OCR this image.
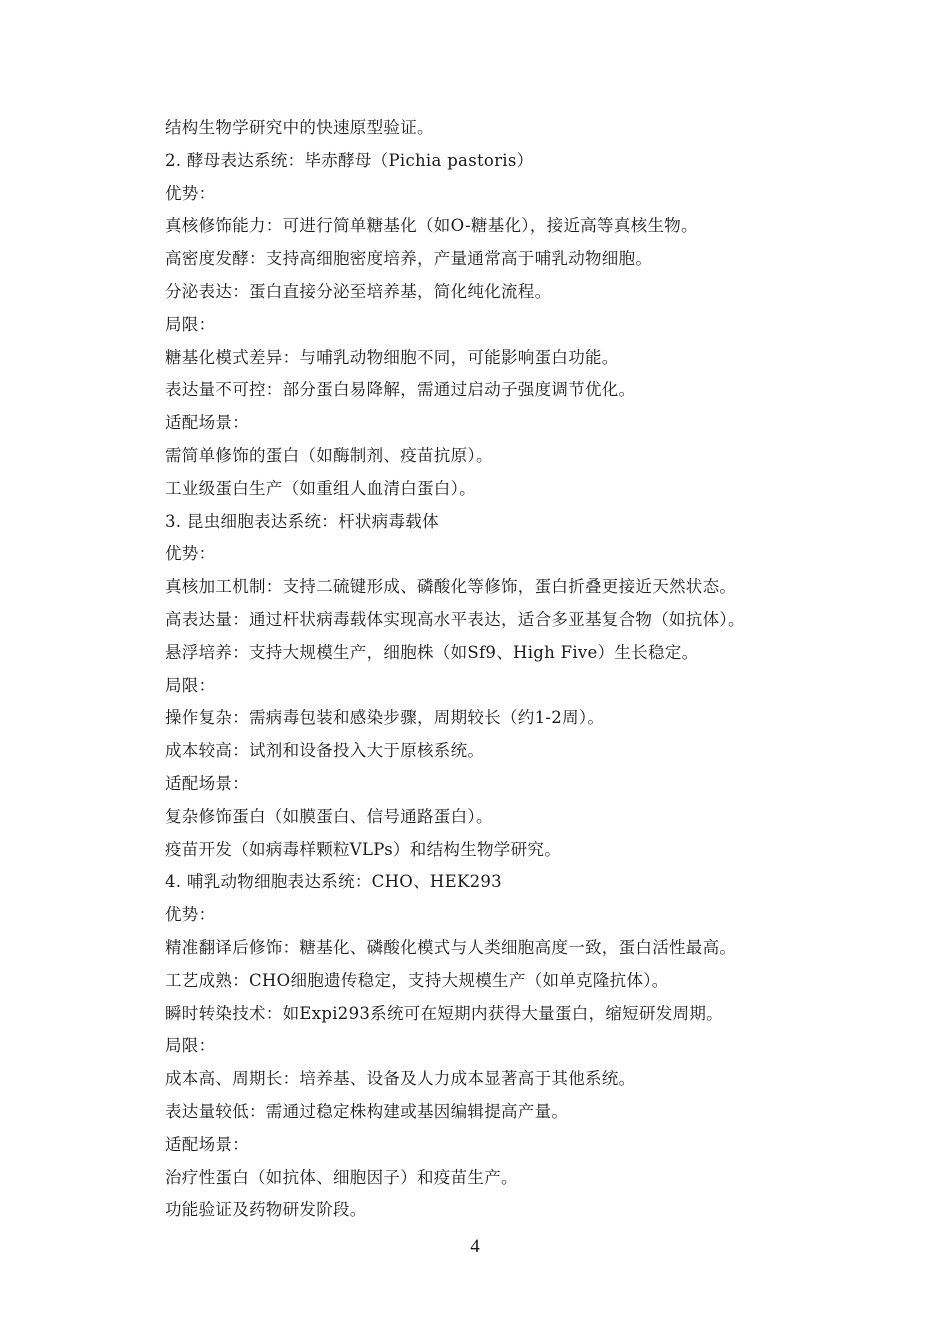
结构生物学研究中的快速原型验证。
2. 酵母表达系统：毕赤酵母（Pichia pastoris）
优势：
真核修饰能力：可进行简单糖基化（如O-糖基化），接近高等真核生物。
高密度发酵：支持高细胞密度培养，产量通常高于哺乳动物细胞。
分泌表达：蛋白直接分泌至培养基，简化纯化流程。
局限：
糖基化模式差异：与哺乳动物细胞不同，可能影响蛋白功能。
表达量不可控：部分蛋白易降解，需通过启动子强度调节优化。
适配场景：
需简单修饰的蛋白（如酶制剂、疫苗抗原）。
工业级蛋白生产（如重组人血清白蛋白）。
3. 昆虫细胞表达系统：杆状病毒载体
优势：
真核加工机制：支持二硫键形成、磷酸化等修饰，蛋白折叠更接近天然状态。
高表达量：通过杆状病毒载体实现高水平表达，适合多亚基复合物（如抗体）。
悬浮培养：支持大规模生产，细胞株（如Sf9、High Five）生长稳定。
局限：
操作复杂：需病毒包装和感染步骤，周期较长（约1-2周）。
成本较高：试剂和设备投入大于原核系统。
适配场景：
复杂修饰蛋白（如膜蛋白、信号通路蛋白）。
疫苗开发（如病毒样颗粒VLPs）和结构生物学研究。
4. 哺乳动物细胞表达系统：CHO、HEK293
优势：
精准翻译后修饰：糖基化、磷酸化模式与人类细胞高度一致，蛋白活性最高。
工艺成熟：CHO细胞遗传稳定，支持大规模生产（如单克隆抗体）。
瞬时转染技术：如Expi293系统可在短期内获得大量蛋白，缩短研发周期。
局限：
成本高、周期长：培养基、设备及人力成本显著高于其他系统。
表达量较低：需通过稳定株构建或基因编辑提高产量。
适配场景：
治疗性蛋白（如抗体、细胞因子）和疫苗生产。
功能验证及药物研发阶段。
4
